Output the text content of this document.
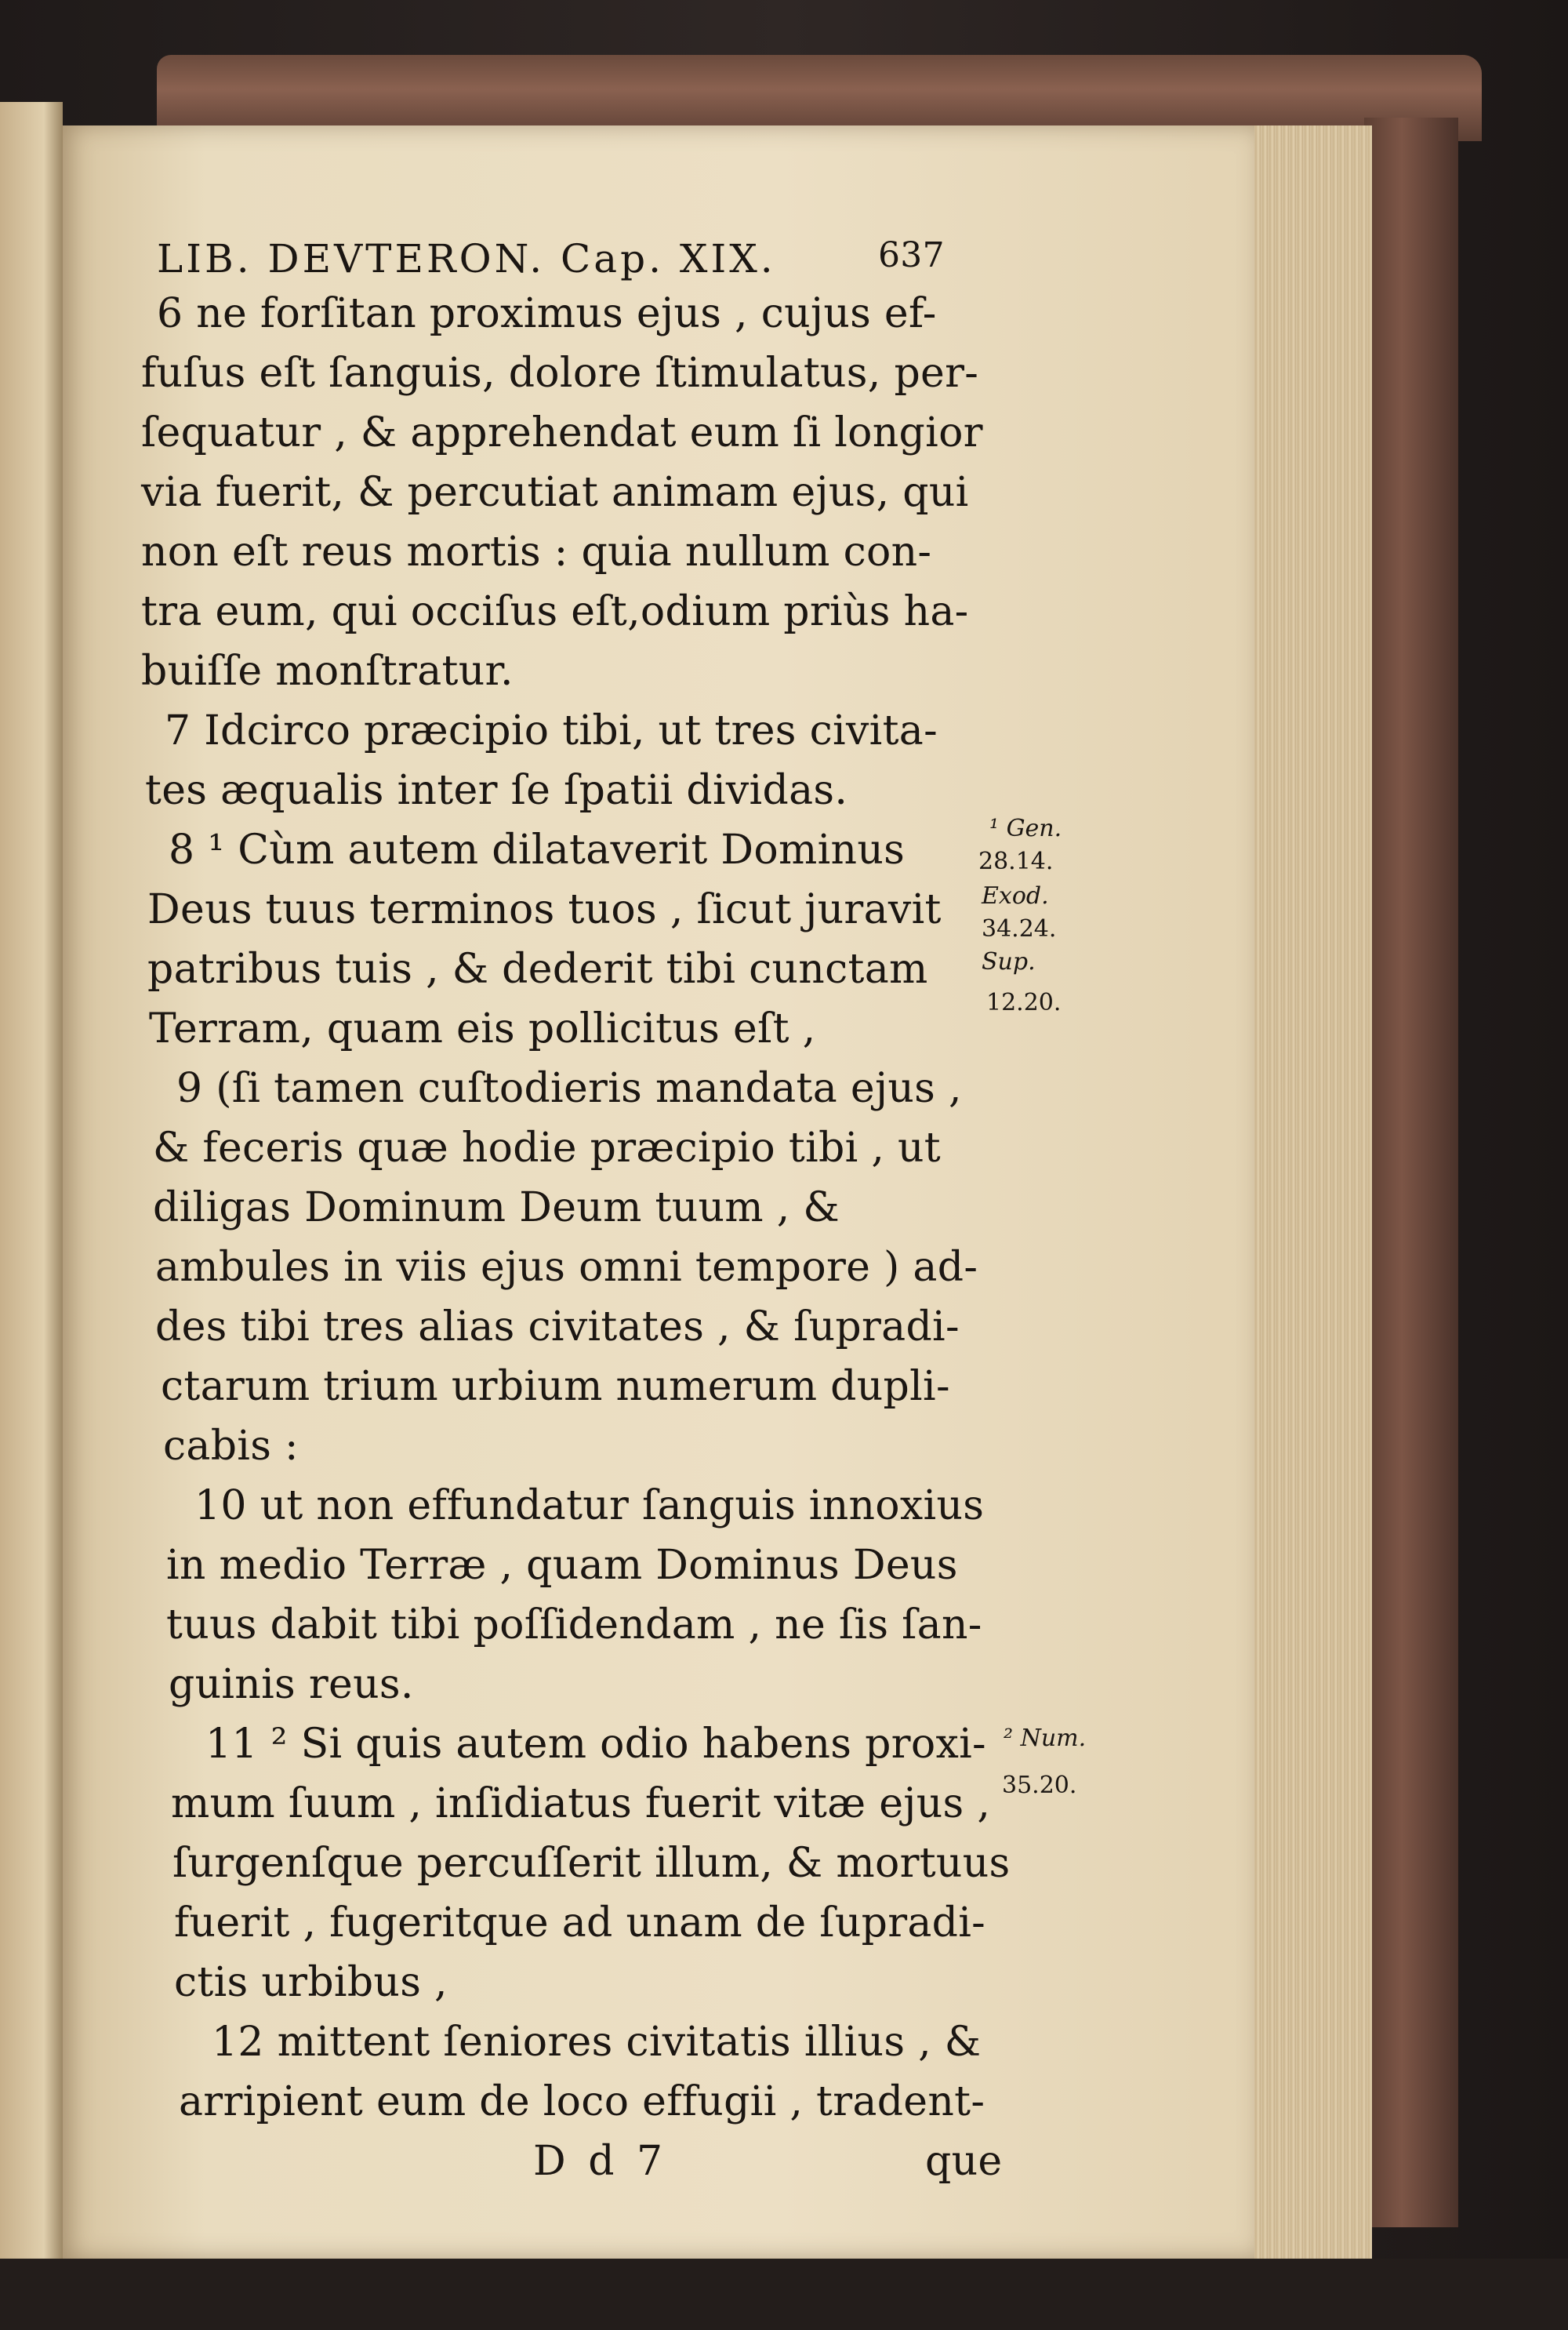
LIB. DEVTERON. Cap. XIX.	637
6 ne forſitan proximus ejus , cujus ef-
fuſus eſt ſanguis, dolore ſtimulatus, per-
ſequatur , & apprehendat eum ſi longior
via fuerit, & percutiat animam ejus, qui
non eſt reus mortis : quia nullum con-
tra eum, qui occiſus eſt,odium priùs ha-
buiſſe monſtratur.
7 Idcirco præcipio tibi, ut tres civita-
tes æqualis inter ſe ſpatii dividas.
8 ¹ Cùm autem dilataverit Dominus
Deus tuus terminos tuos , ſicut juravit
patribus tuis , & dederit tibi cunctam
Terram, quam eis pollicitus eſt ,
9 (ſi tamen cuſtodieris mandata ejus ,
& feceris quæ hodie præcipio tibi , ut
diligas Dominum Deum tuum , &
ambules in viis ejus omni tempore ) ad-
des tibi tres alias civitates , & ſupradi-
ctarum trium urbium numerum dupli-
cabis :
10 ut non effundatur ſanguis innoxius
in medio Terræ , quam Dominus Deus
tuus dabit tibi poſſidendam , ne ſis ſan-
guinis reus.
11 ² Si quis autem odio habens proxi-
mum ſuum , inſidiatus fuerit vitæ ejus ,
ſurgenſque percuſſerit illum, & mortuus
fuerit , fugeritque ad unam de ſupradi-
ctis urbibus ,
12 mittent ſeniores civitatis illius , &
arripient eum de loco effugii , tradent-
D d 7	que
¹ Gen.
28.14.
Exod.
34.24.
Sup.
12.20.
² Num.
35.20.
